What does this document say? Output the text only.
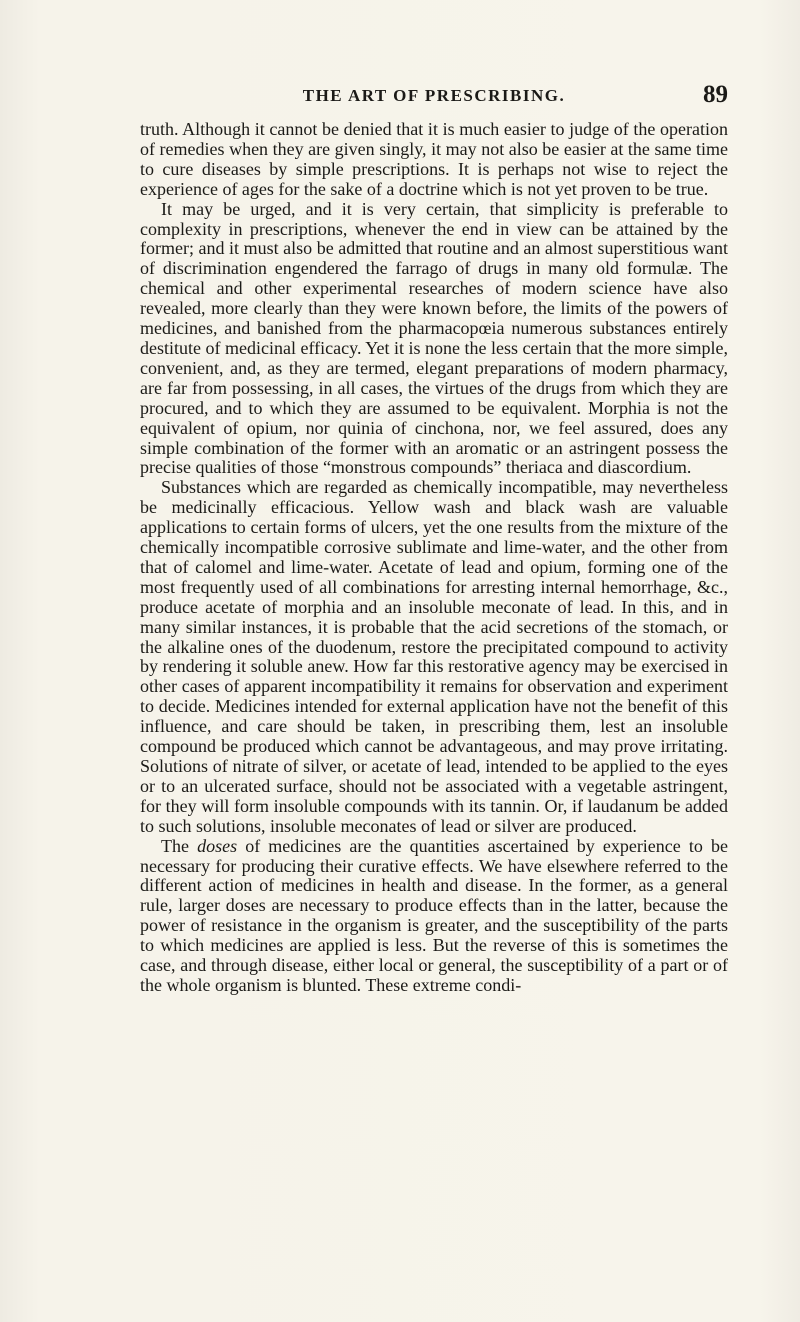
THE ART OF PRESCRIBING.	89

truth. Although it cannot be denied that it is much easier to judge of the operation of remedies when they are given singly, it may not also be easier at the same time to cure diseases by simple prescriptions. It is perhaps not wise to reject the experience of ages for the sake of a doctrine which is not yet proven to be true.

It may be urged, and it is very certain, that simplicity is preferable to complexity in prescriptions, whenever the end in view can be attained by the former; and it must also be admitted that routine and an almost superstitious want of discrimination engendered the farrago of drugs in many old formulæ. The chemical and other experimental researches of modern science have also revealed, more clearly than they were known before, the limits of the powers of medicines, and banished from the pharmacopœia numerous substances entirely destitute of medicinal efficacy. Yet it is none the less certain that the more simple, convenient, and, as they are termed, elegant preparations of modern pharmacy, are far from possessing, in all cases, the virtues of the drugs from which they are procured, and to which they are assumed to be equivalent. Morphia is not the equivalent of opium, nor quinia of cinchona, nor, we feel assured, does any simple combination of the former with an aromatic or an astringent possess the precise qualities of those “monstrous compounds” theriaca and diascordium.

Substances which are regarded as chemically incompatible, may nevertheless be medicinally efficacious. Yellow wash and black wash are valuable applications to certain forms of ulcers, yet the one results from the mixture of the chemically incompatible corrosive sublimate and lime-water, and the other from that of calomel and lime-water. Acetate of lead and opium, forming one of the most frequently used of all combinations for arresting internal hemorrhage, &c., produce acetate of morphia and an insoluble meconate of lead. In this, and in many similar instances, it is probable that the acid secretions of the stomach, or the alkaline ones of the duodenum, restore the precipitated compound to activity by rendering it soluble anew. How far this restorative agency may be exercised in other cases of apparent incompatibility it remains for observation and experiment to decide. Medicines intended for external application have not the benefit of this influence, and care should be taken, in prescribing them, lest an insoluble compound be produced which cannot be advantageous, and may prove irritating. Solutions of nitrate of silver, or acetate of lead, intended to be applied to the eyes or to an ulcerated surface, should not be associated with a vegetable astringent, for they will form insoluble compounds with its tannin. Or, if laudanum be added to such solutions, insoluble meconates of lead or silver are produced.

The doses of medicines are the quantities ascertained by experience to be necessary for producing their curative effects. We have elsewhere referred to the different action of medicines in health and disease. In the former, as a general rule, larger doses are necessary to produce effects than in the latter, because the power of resistance in the organism is greater, and the susceptibility of the parts to which medicines are applied is less. But the reverse of this is sometimes the case, and through disease, either local or general, the susceptibility of a part or of the whole organism is blunted. These extreme condi-
